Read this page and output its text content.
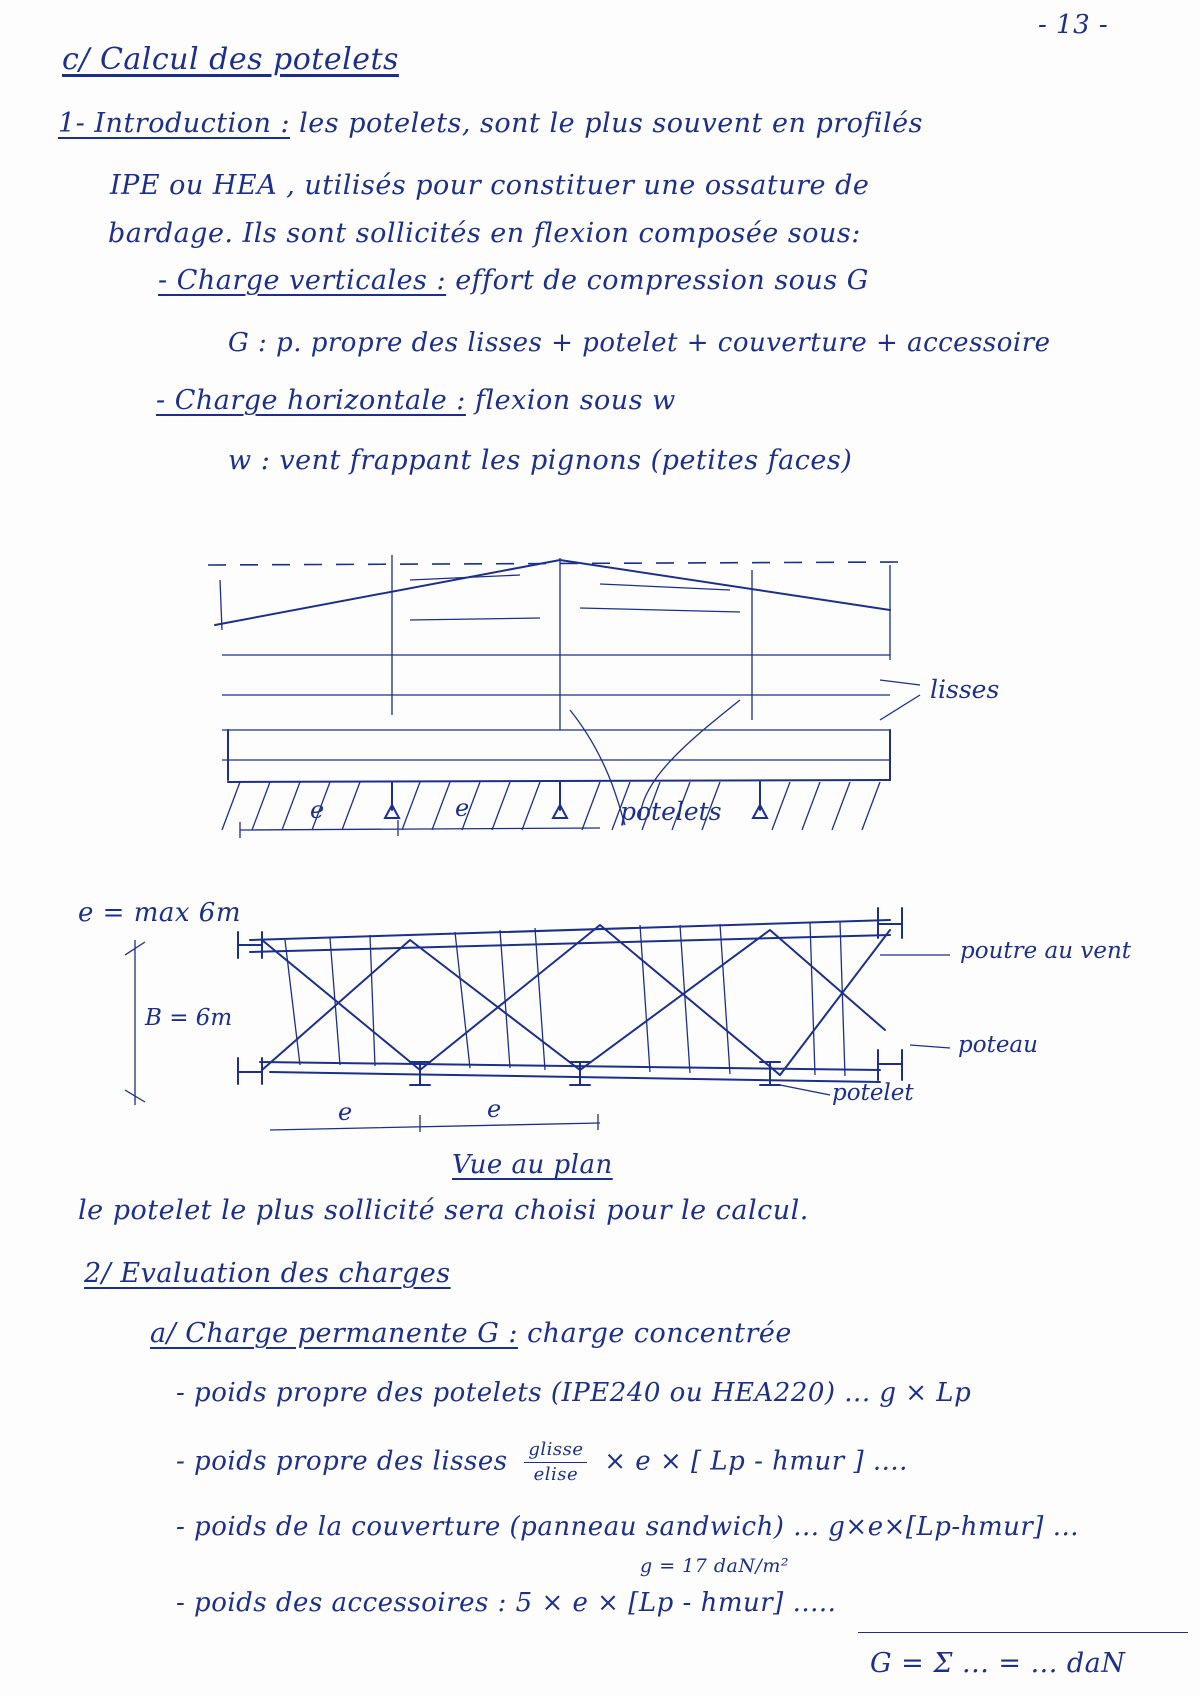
- 13 -
c/ Calcul des potelets
1- Introduction : les potelets, sont le plus souvent en profilés
IPE ou HEA , utilisés pour constituer une ossature de
bardage. Ils sont sollicités en flexion composée sous:
- Charge verticales : effort de compression sous G
G : p. propre des lisses + potelet + couverture + accessoire
- Charge horizontale : flexion sous w
w : vent frappant les pignons (petites faces)
lisses
potelets
e	e
e = max 6m
B = 6m
poutre au vent
poteau
potelet
e	e
Vue au plan
le potelet le plus sollicité sera choisi pour le calcul.
2/ Evaluation des charges
a/ Charge permanente G : charge concentrée
- poids propre des potelets (IPE240 ou HEA220) ... g × Lp
- poids propre des lisses glisse
elise	× e × [ Lp - hmur ] ....
- poids de la couverture (panneau sandwich) ... g×e×[Lp-hmur] ...
g = 17 daN/m²
- poids des accessoires : 5 × e × [Lp - hmur] .....
G = Σ ... = ... daN
